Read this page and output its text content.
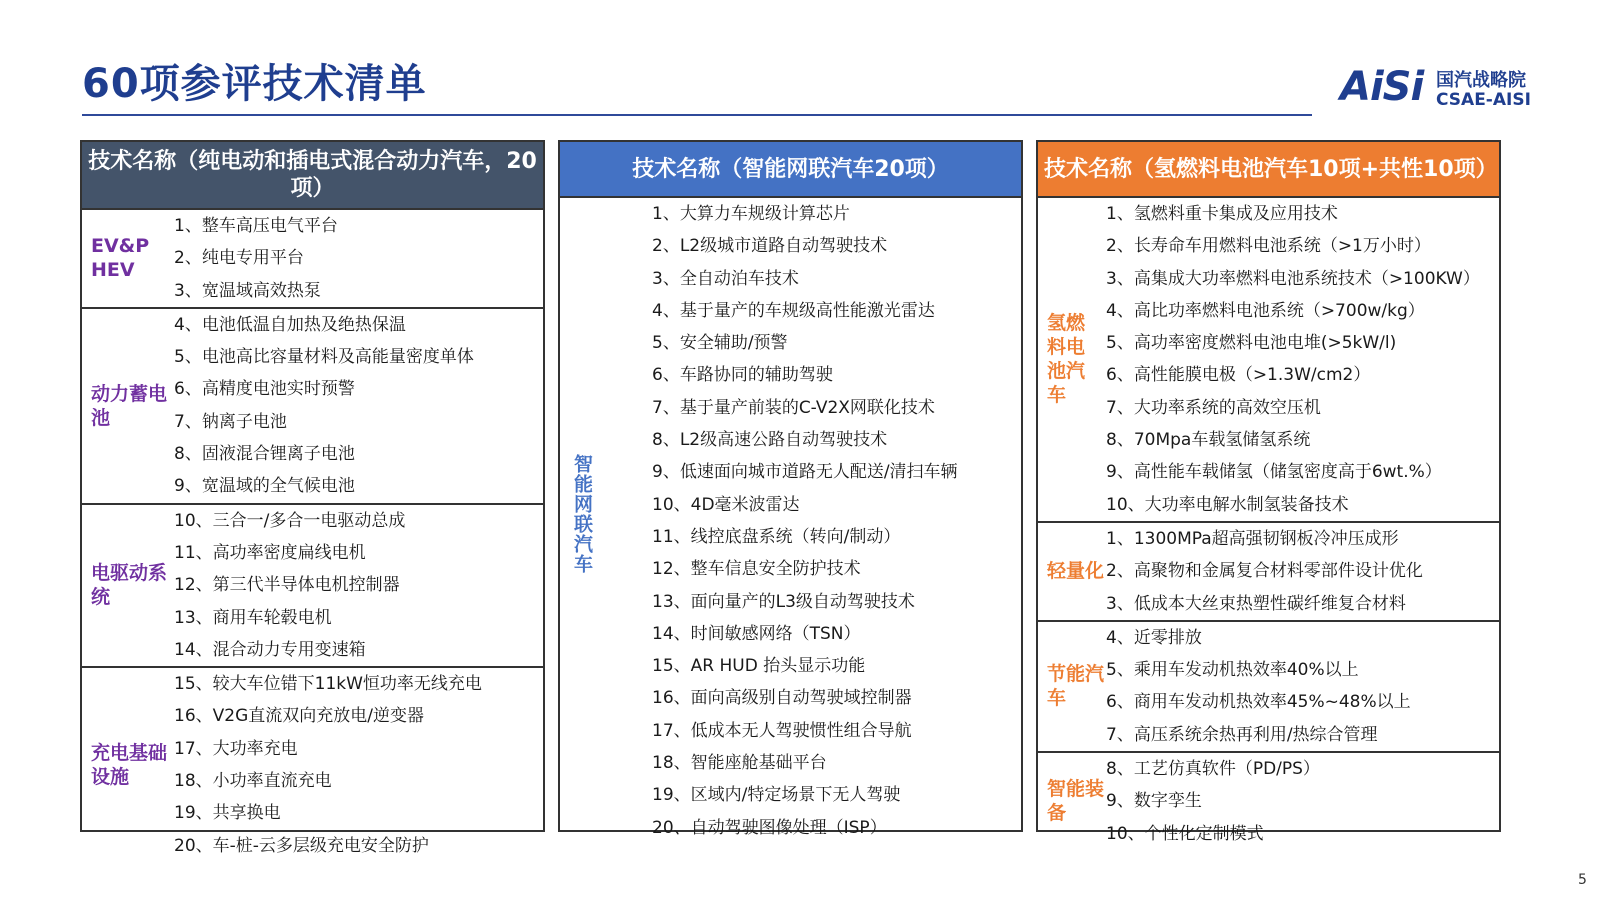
60项参评技术清单	AiSi 国汽战略院
CSAE-AISI
技术名称（纯电动和插电式混合动力汽车，20项）
EV&P HEV
1、整车高压电气平台
2、纯电专用平台
3、宽温域高效热泵
动力蓄电池
4、电池低温自加热及绝热保温
5、电池高比容量材料及高能量密度单体
6、高精度电池实时预警
7、钠离子电池
8、固液混合锂离子电池
9、宽温域的全气候电池
电驱动系统
10、三合一/多合一电驱动总成
11、高功率密度扁线电机
12、第三代半导体电机控制器
13、商用车轮毂电机
14、混合动力专用变速箱
充电基础设施
15、较大车位错下11kW恒功率无线充电
16、V2G直流双向充放电/逆变器
17、大功率充电
18、小功率直流充电
19、共享换电
20、车-桩-云多层级充电安全防护
技术名称（智能网联汽车20项）
智能网联汽车
1、大算力车规级计算芯片
2、L2级城市道路自动驾驶技术
3、全自动泊车技术
4、基于量产的车规级高性能激光雷达
5、安全辅助/预警
6、车路协同的辅助驾驶
7、基于量产前装的C-V2X网联化技术
8、L2级高速公路自动驾驶技术
9、低速面向城市道路无人配送/清扫车辆
10、4D毫米波雷达
11、线控底盘系统（转向/制动）
12、整车信息安全防护技术
13、面向量产的L3级自动驾驶技术
14、时间敏感网络（TSN）
15、AR HUD 抬头显示功能
16、面向高级别自动驾驶域控制器
17、低成本无人驾驶惯性组合导航
18、智能座舱基础平台
19、区域内/特定场景下无人驾驶
20、自动驾驶图像处理（ISP）
技术名称（氢燃料电池汽车10项+共性10项）
氢燃料电池汽车
1、氢燃料重卡集成及应用技术
2、长寿命车用燃料电池系统（>1万小时）
3、高集成大功率燃料电池系统技术（>100KW）
4、高比功率燃料电池系统（>700w/kg）
5、高功率密度燃料电池电堆(>5kW/l)
6、高性能膜电极（>1.3W/cm2）
7、大功率系统的高效空压机
8、70Mpa车载氢储氢系统
9、高性能车载储氢（储氢密度高于6wt.%）
10、大功率电解水制氢装备技术
轻量化
1、1300MPa超高强韧钢板冷冲压成形
2、高聚物和金属复合材料零部件设计优化
3、低成本大丝束热塑性碳纤维复合材料
节能汽车
4、近零排放
5、乘用车发动机热效率40%以上
6、商用车发动机热效率45%~48%以上
7、高压系统余热再利用/热综合管理
智能装备
8、工艺仿真软件（PD/PS）
9、数字孪生
10、个性化定制模式
5
